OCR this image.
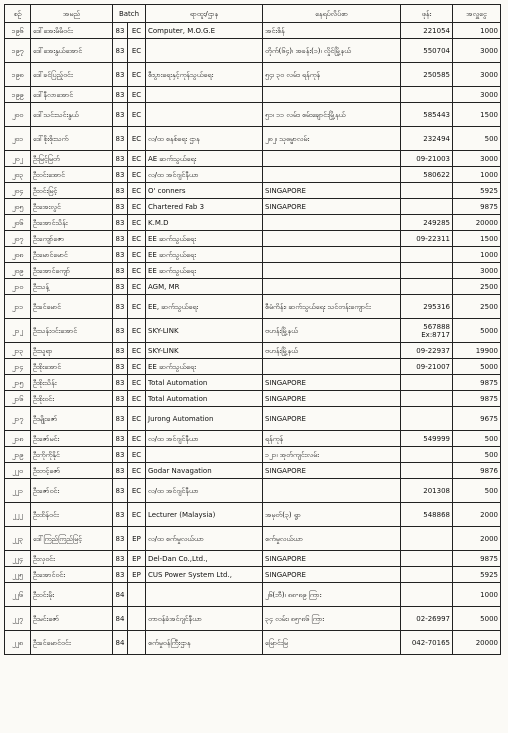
စဉ်	အမည်	Batch		ရာထူး/ဌာန	နေရပ်လိပ်စာ	ဖုန်း	အလှူငွေ
၁၉၆	ဒေါ်အေးမိမိဝင်း	83	EC	Computer, M.O.G.E	အင်းစိန်	221054	1000
၁၉၇	ဒေါ်အေးနွယ်အောင်	83	EC		တိုက်(၆၄)၊ အခန်း(၁)၊ လှိုင်မြို့နယ်	550704	3000
၁၉၈	ဒေါ်ခင်ပြည့်ဝင်း	83	EC	စီးပွားရေးနှင့်ကုန်သွယ်ရေး	၅၄၊ ၃၀ လမ်း၊ ရန်ကုန်	250585	3000
၁၉၉	ဒေါ်နီလာအောင်	83	EC				3000
၂၀၀	ဒေါ်သင်းသင်းနွယ်	83	EC		၅၁၊ ၁၁ လမ်း၊ စမ်းချောင်းမြို့နယ်	585443	1500
၂၀၁	ဒေါ်စိုးစိုးသက်	83	EC	လ/ထ စနစ်ရေး ဌာန	၂၈၂၊ သုဓမ္မာလမ်း	232494	500
၂၀၂	ဦးမြင့်မြတ်	83	EC	AE ဆက်သွယ်ရေး		09-21003	3000
၂၀၃	ဦးဝင်းအောင်	83	EC	လ/ထ အင်ဂျင်နီယာ		580622	1000
၂၀၄	ဦးဝင်းမြင့်	83	EC	O' conners	SINGAPORE		5925
၂၀၅	ဦးအေးလွင်	83	EC	Chartered Fab 3	SINGAPORE		9875
၂၀၆	ဦးအောင်သိန်း	83	EC	K.M.D		249285	20000
၂၀၇	ဦးကျော်ဇော	83	EC	EE ဆက်သွယ်ရေး		09-22311	1500
၂၀၈	ဦးမောင်မောင်	83	EC	EE ဆက်သွယ်ရေး			1000
၂၀၉	ဦးအောင်ကျော်	83	EC	EE ဆက်သွယ်ရေး			3000
၂၁၀	ဦးသန့်	83	EC	AGM, MR			2500
၂၁၁	ဦးခင်မောင်	83	EC	EE, ဆက်သွယ်ရေး	စီမံကိန်း၊ ဆက်သွယ်ရေး သင်တန်းကျောင်း	295316	2500
၂၁၂	ဦးသန်းဝင်းအောင်	83	EC	SKY-LINK	ဗဟန်းမြို့နယ်	567888 Ex:8717	5000
၂၁၃	ဦးသူရာ	83	EC	SKY-LINK	ဗဟန်းမြို့နယ်	09-22937	19900
၂၁၄	ဦးစိုးအောင်	83	EC	EE ဆက်သွယ်ရေး		09-21007	5000
၂၁၅	ဦးစိုးသိန်း	83	EC	Total Automation	SINGAPORE		9875
၂၁၆	ဦးစိုးဝင်း	83	EC	Total Automation	SINGAPORE		9875
၂၁၇	ဦးမျိုးဇော်	83	EC	Jurong Automation	SINGAPORE		9675
၂၁၈	ဦးဇော်မင်း	83	EC	လ/ထ အင်ဂျင်နီယာ	ရန်ကုန်	549999	500
၂၁၉	ဦးကိုကိုနိုင်	83	EC		၁၂၁၊ အုတ်ကျင်းလမ်း		500
၂၂၀	ဦးတင့်ဇော်	83	EC	Godar Navagation	SINGAPORE		9876
၂၂၁	ဦးဇော်ဝင်း	83	EC	လ/ထ အင်ဂျင်နီယာ		201308	500
၂၂၂	ဦးထိန်ဝင်း	83	EC	Lecturer (Malaysia)	အမှတ်(၃) ရွာ	548868	2000
၂၂၃	ဒေါ်ကြည်ကြည်မြင့်	83	EP	လ/ထ စက်မှုလယ်ယာ	စက်မှုလယ်ယာ		2000
၂၂၄	ဦးလှဝင်း	83	EP	Del-Dan Co.,Ltd.,	SINGAPORE		9875
၂၂၅	ဦးအောင်ဝင်း	83	EP	CUS Power System Ltd.,	SINGAPORE		5925
၂၂၆	ဦးဝင်းမိုး	84			၂၆(ဘီ)၊ ၈၈-၈၉ ကြား		1000
၂၂၇	ဦးမင်းဇော်	84		တာဝန်ခံအင်ဂျင်နီယာ	၃၄ လမ်း၊ ၈၅-၈၆ ကြား	02-26997	5000
၂၂၈	ဦးခင်မောင်ဝင်း	84		စက်မှုဝန်ကြီးဌာန	မြောင်းမြ	042-70165	20000
